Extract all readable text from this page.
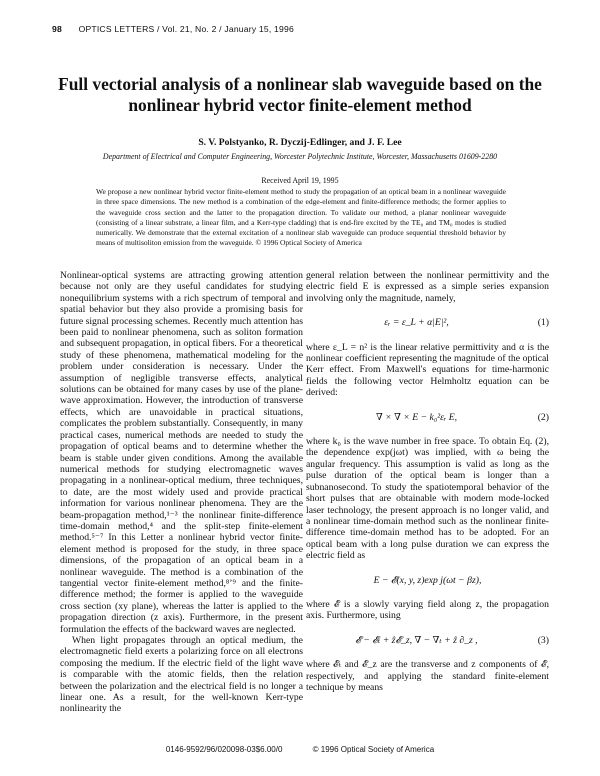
98 OPTICS LETTERS / Vol. 21, No. 2 / January 15, 1996
Full vectorial analysis of a nonlinear slab waveguide based on the nonlinear hybrid vector finite-element method
S. V. Polstyanko, R. Dyczij-Edlinger, and J. F. Lee
Department of Electrical and Computer Engineering, Worcester Polytechnic Institute, Worcester, Massachusetts 01609-2280
Received April 19, 1995

We propose a new nonlinear hybrid vector finite-element method to study the propagation of an optical beam in a nonlinear waveguide in three space dimensions. The new method is a combination of the edge-element and finite-difference methods; the former applies to the waveguide cross section and the latter to the propagation direction. To validate our method, a planar nonlinear waveguide (consisting of a linear substrate, a linear film, and a Kerr-type cladding) that is end-fire excited by the TE₀ and TM₀ modes is studied numerically. We demonstrate that the external excitation of a nonlinear slab waveguide can produce sequential threshold behavior by means of multisoliton emission from the waveguide. © 1996 Optical Society of America

Nonlinear-optical systems are attracting growing attention because not only are they useful candidates for studying nonequilibrium systems with a rich spectrum of temporal and spatial behavior but they also provide a promising basis for future signal processing schemes. Recently much attention has been paid to nonlinear phenomena, such as soliton formation and subsequent propagation, in optical fibers. For a theoretical study of these phenomena, mathematical modeling for the problem under consideration is necessary. Under the assumption of negligible transverse effects, analytical solutions can be obtained for many cases by use of the plane-wave approximation. However, the introduction of transverse effects, which are unavoidable in practical situations, complicates the problem substantially. Consequently, in many practical cases, numerical methods are needed to study the propagation of optical beams and to determine whether the beam is stable under given conditions. Among the available numerical methods for studying electromagnetic waves propagating in a nonlinear-optical medium, three techniques, to date, are the most widely used and provide practical information for various nonlinear phenomena. They are the beam-propagation method,¹⁻³ the nonlinear finite-difference time-domain method,⁴ and the split-step finite-element method.⁵⁻⁷ In this Letter a nonlinear hybrid vector finite-element method is proposed for the study, in three space dimensions, of the propagation of an optical beam in a nonlinear waveguide. The method is a combination of the tangential vector finite-element method,⁸ʼ⁹ and the finite-difference method; the former is applied to the waveguide cross section (xy plane), whereas the latter is applied to the propagation direction (z axis). Furthermore, in the present formulation the effects of the backward waves are neglected.

When light propagates through an optical medium, the electromagnetic field exerts a polarizing force on all electrons composing the medium. If the electric field of the light wave is comparable with the atomic fields, then the relation between the polarization and the electrical field is no longer a linear one. As a result, for the well-known Kerr-type nonlinearity the

general relation between the nonlinear permittivity and the electric field E is expressed as a simple series expansion involving only the magnitude, namely,

εᵣ = ε_L + α|E|²,	(1)

where ε_L = n² is the linear relative permittivity and α is the nonlinear coefficient representing the magnitude of the optical Kerr effect. From Maxwell's equations for time-harmonic fields the following vector Helmholtz equation can be derived:

∇ × ∇ × E − k₀²εᵣ E,	(2)

where k₀ is the wave number in free space. To obtain Eq. (2), the dependence exp(jωt) was implied, with ω being the angular frequency. This assumption is valid as long as the pulse duration of the optical beam is longer than a subnanosecond. To study the spatiotemporal behavior of the short pulses that are obtainable with modern mode-locked laser technology, the present approach is no longer valid, and a nonlinear time-domain method such as the nonlinear finite-difference time-domain method has to be adopted. For an optical beam with a long pulse duration we can express the electric field as

E − 𝓔(x, y, z)exp j(ωt − βz),

where 𝓔 is a slowly varying field along z, the propagation axis. Furthermore, using

𝓔 − 𝓔ₜ + ẑ𝓔_z, ∇ − ∇ₜ + ẑ ∂_z ,	(3)

where 𝓔ₜ and 𝓔_z are the transverse and z components of 𝓔, respectively, and applying the standard finite-element technique by means

0146-9592/96/020098-03$6.00/0	© 1996 Optical Society of America
